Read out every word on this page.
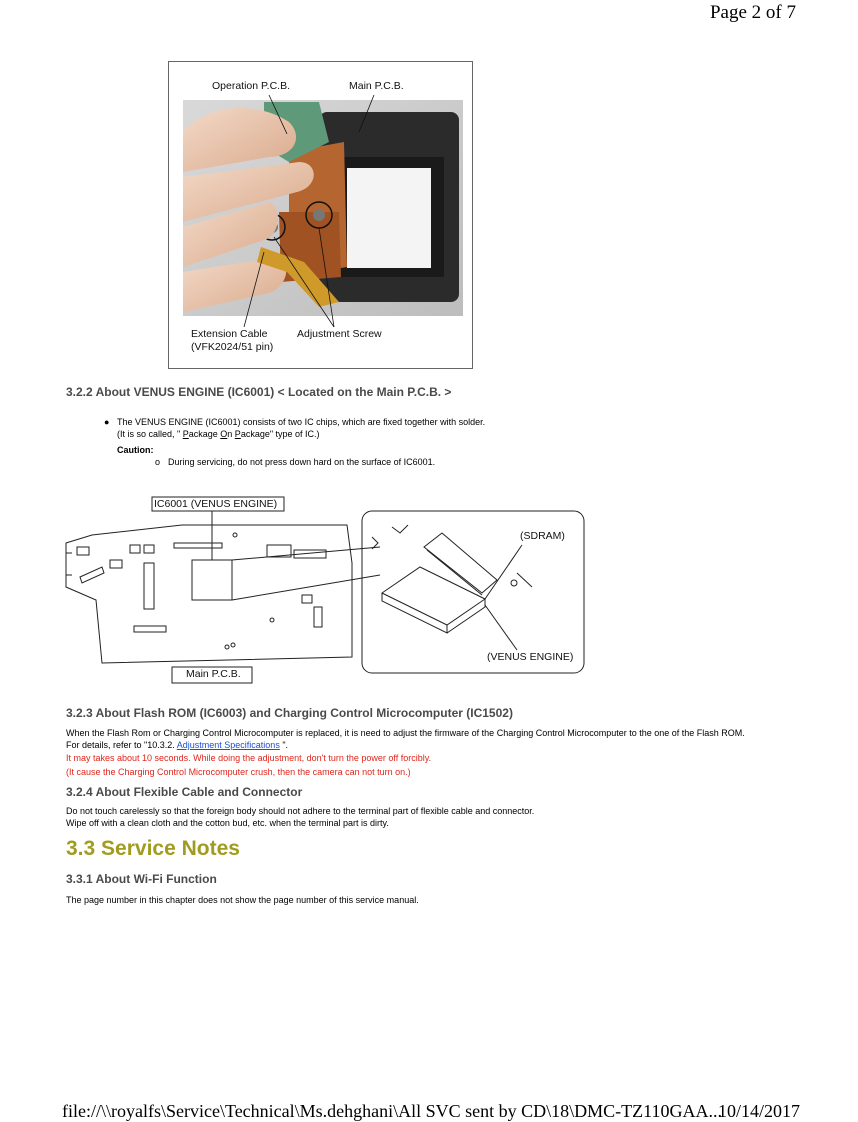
Page 2 of 7
Operation P.C.B.	Main P.C.B.
Extension Cable
(VFK2024/51 pin)
Adjustment Screw
3.2.2 About VENUS ENGINE (IC6001) < Located on the Main P.C.B. >
● The VENUS ENGINE (IC6001) consists of two IC chips, which are fixed together with solder.
(It is so called, " Package On Package" type of IC.)
Caution:
o During servicing, do not press down hard on the surface of IC6001.
IC6001 (VENUS ENGINE)
(SDRAM)
(VENUS ENGINE)
Main P.C.B.
3.2.3 About Flash ROM (IC6003) and Charging Control Microcomputer (IC1502)
When the Flash Rom or Charging Control Microcomputer is replaced, it is need to adjust the firmware of the Charging Control Microcomputer to the one of the Flash ROM.
For details, refer to "10.3.2. Adjustment Specifications ".
It may takes about 10 seconds. While doing the adjustment, don't turn the power off forcibly.
(It cause the Charging Control Microcomputer crush, then the camera can not turn on.)
3.2.4 About Flexible Cable and Connector
Do not touch carelessly so that the foreign body should not adhere to the terminal part of flexible cable and connector.
Wipe off with a clean cloth and the cotton bud, etc. when the terminal part is dirty.
3.3 Service Notes
3.3.1 About Wi-Fi Function
The page number in this chapter does not show the page number of this service manual.
file://\\royalfs\Service\Technical\Ms.dehghani\All SVC sent by CD\18\DMC-TZ110GAA...
10/14/2017
